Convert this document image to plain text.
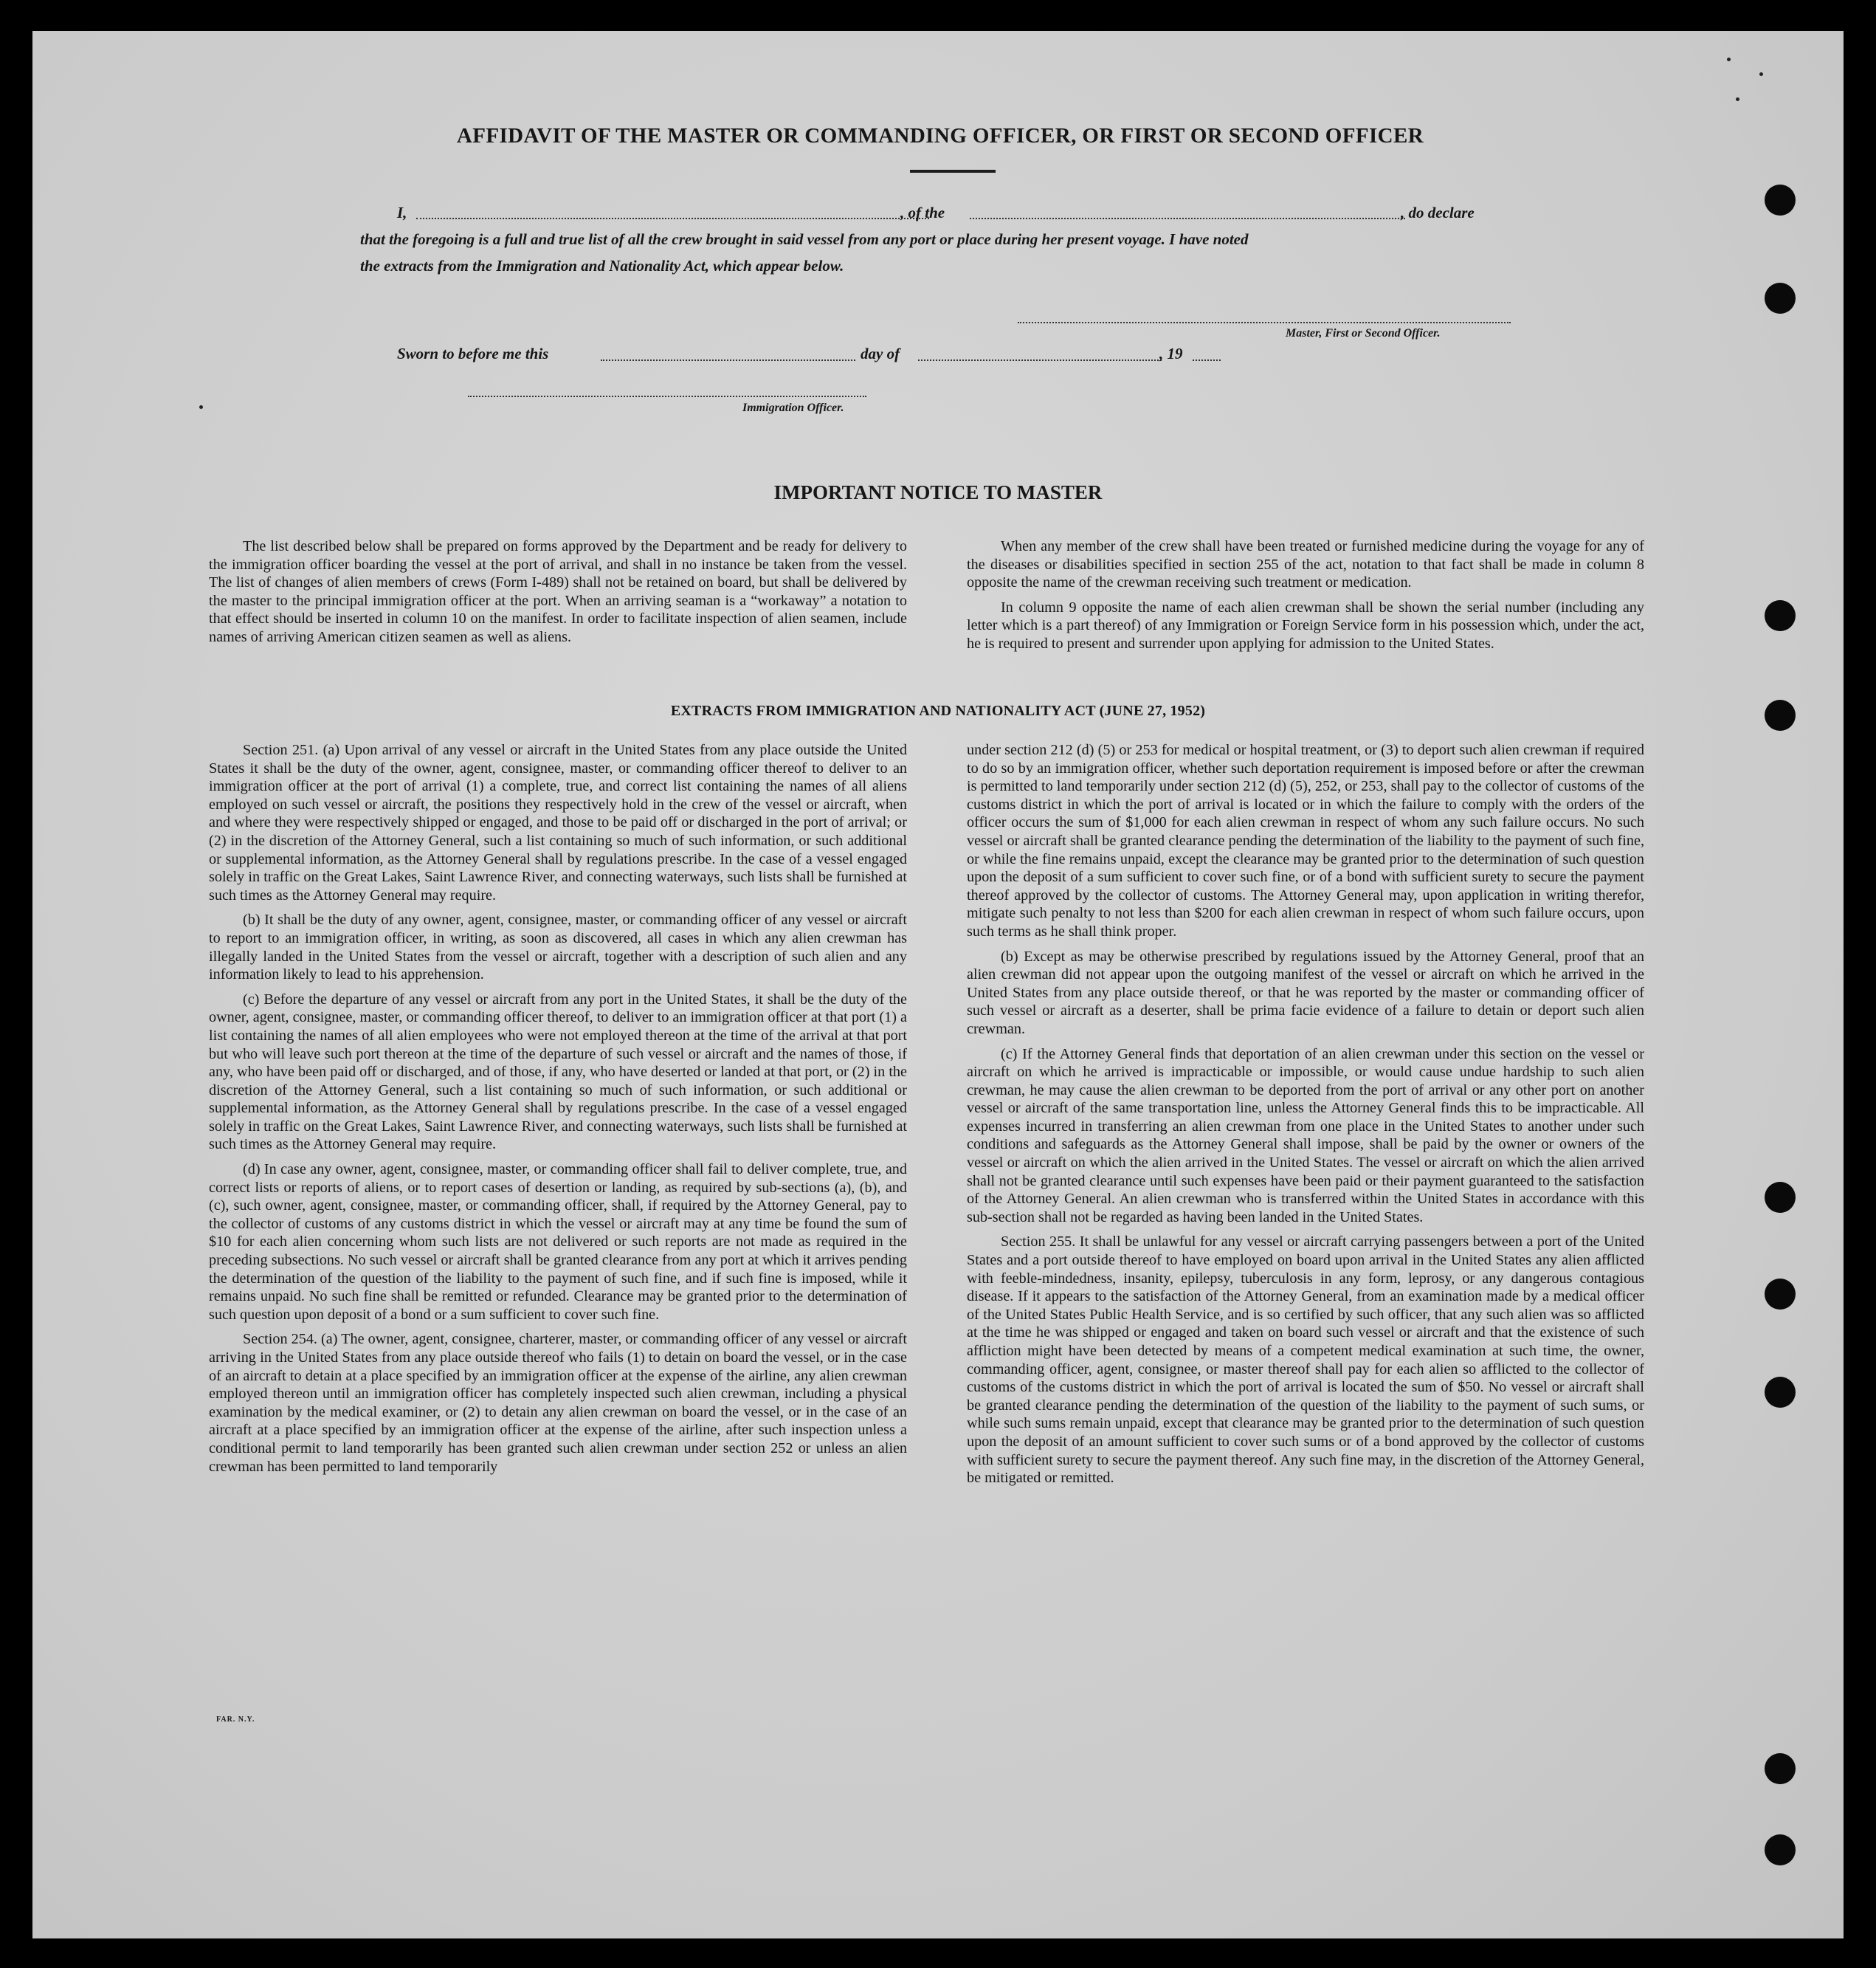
AFFIDAVIT OF THE MASTER OR COMMANDING OFFICER, OR FIRST OR SECOND OFFICER
I,	, of the	, do declare
that the foregoing is a full and true list of all the crew brought in said vessel from any port or place during her present voyage. I have noted
the extracts from the Immigration and Nationality Act, which appear below.
Master, First or Second Officer.
Sworn to before me this	day of	, 19
Immigration Officer.
IMPORTANT NOTICE TO MASTER

The list described below shall be prepared on forms approved by the Department and be ready for delivery to the immigration officer boarding the vessel at the port of arrival, and shall in no instance be taken from the vessel. The list of changes of alien members of crews (Form I-489) shall not be retained on board, but shall be delivered by the master to the principal immigration officer at the port. When an arriving seaman is a “workaway” a notation to that effect should be inserted in column 10 on the manifest. In order to facilitate inspection of alien seamen, include names of arriving American citizen seamen as well as aliens.

When any member of the crew shall have been treated or furnished medicine during the voyage for any of the diseases or disabilities specified in section 255 of the act, notation to that fact shall be made in column 8 opposite the name of the crewman receiving such treatment or medication.

In column 9 opposite the name of each alien crewman shall be shown the serial number (including any letter which is a part thereof) of any Immigration or Foreign Service form in his possession which, under the act, he is required to present and surrender upon applying for admission to the United States.

EXTRACTS FROM IMMIGRATION AND NATIONALITY ACT (JUNE 27, 1952)

Section 251. (a) Upon arrival of any vessel or aircraft in the United States from any place outside the United States it shall be the duty of the owner, agent, consignee, master, or commanding officer thereof to deliver to an immigration officer at the port of arrival (1) a complete, true, and correct list containing the names of all aliens employed on such vessel or aircraft, the positions they respectively hold in the crew of the vessel or aircraft, when and where they were respectively shipped or engaged, and those to be paid off or discharged in the port of arrival; or (2) in the discretion of the Attorney General, such a list containing so much of such information, or such additional or supplemental information, as the Attorney General shall by regulations prescribe. In the case of a vessel engaged solely in traffic on the Great Lakes, Saint Lawrence River, and connecting waterways, such lists shall be furnished at such times as the Attorney General may require.

(b) It shall be the duty of any owner, agent, consignee, master, or commanding officer of any vessel or aircraft to report to an immigration officer, in writing, as soon as discovered, all cases in which any alien crewman has illegally landed in the United States from the vessel or aircraft, together with a description of such alien and any information likely to lead to his apprehension.

(c) Before the departure of any vessel or aircraft from any port in the United States, it shall be the duty of the owner, agent, consignee, master, or commanding officer thereof, to deliver to an immigration officer at that port (1) a list containing the names of all alien employees who were not employed thereon at the time of the arrival at that port but who will leave such port thereon at the time of the departure of such vessel or aircraft and the names of those, if any, who have been paid off or discharged, and of those, if any, who have deserted or landed at that port, or (2) in the discretion of the Attorney General, such a list containing so much of such information, or such additional or supplemental information, as the Attorney General shall by regulations prescribe. In the case of a vessel engaged solely in traffic on the Great Lakes, Saint Lawrence River, and connecting waterways, such lists shall be furnished at such times as the Attorney General may require.

(d) In case any owner, agent, consignee, master, or commanding officer shall fail to deliver complete, true, and correct lists or reports of aliens, or to report cases of desertion or landing, as required by sub-sections (a), (b), and (c), such owner, agent, consignee, master, or commanding officer, shall, if required by the Attorney General, pay to the collector of customs of any customs district in which the vessel or aircraft may at any time be found the sum of $10 for each alien concerning whom such lists are not delivered or such reports are not made as required in the preceding subsections. No such vessel or aircraft shall be granted clearance from any port at which it arrives pending the determination of the question of the liability to the payment of such fine, and if such fine is imposed, while it remains unpaid. No such fine shall be remitted or refunded. Clearance may be granted prior to the determination of such question upon deposit of a bond or a sum sufficient to cover such fine.

Section 254. (a) The owner, agent, consignee, charterer, master, or commanding officer of any vessel or aircraft arriving in the United States from any place outside thereof who fails (1) to detain on board the vessel, or in the case of an aircraft to detain at a place specified by an immigration officer at the expense of the airline, any alien crewman employed thereon until an immigration officer has completely inspected such alien crewman, including a physical examination by the medical examiner, or (2) to detain any alien crewman on board the vessel, or in the case of an aircraft at a place specified by an immigration officer at the expense of the airline, after such inspection unless a conditional permit to land temporarily has been granted such alien crewman under section 252 or unless an alien crewman has been permitted to land temporarily

under section 212 (d) (5) or 253 for medical or hospital treatment, or (3) to deport such alien crewman if required to do so by an immigration officer, whether such deportation requirement is imposed before or after the crewman is permitted to land temporarily under section 212 (d) (5), 252, or 253, shall pay to the collector of customs of the customs district in which the port of arrival is located or in which the failure to comply with the orders of the officer occurs the sum of $1,000 for each alien crewman in respect of whom any such failure occurs. No such vessel or aircraft shall be granted clearance pending the determination of the liability to the payment of such fine, or while the fine remains unpaid, except the clearance may be granted prior to the determination of such question upon the deposit of a sum sufficient to cover such fine, or of a bond with sufficient surety to secure the payment thereof approved by the collector of customs. The Attorney General may, upon application in writing therefor, mitigate such penalty to not less than $200 for each alien crewman in respect of whom such failure occurs, upon such terms as he shall think proper.

(b) Except as may be otherwise prescribed by regulations issued by the Attorney General, proof that an alien crewman did not appear upon the outgoing manifest of the vessel or aircraft on which he arrived in the United States from any place outside thereof, or that he was reported by the master or commanding officer of such vessel or aircraft as a deserter, shall be prima facie evidence of a failure to detain or deport such alien crewman.

(c) If the Attorney General finds that deportation of an alien crewman under this section on the vessel or aircraft on which he arrived is impracticable or impossible, or would cause undue hardship to such alien crewman, he may cause the alien crewman to be deported from the port of arrival or any other port on another vessel or aircraft of the same transportation line, unless the Attorney General finds this to be impracticable. All expenses incurred in transferring an alien crewman from one place in the United States to another under such conditions and safeguards as the Attorney General shall impose, shall be paid by the owner or owners of the vessel or aircraft on which the alien arrived in the United States. The vessel or aircraft on which the alien arrived shall not be granted clearance until such expenses have been paid or their payment guaranteed to the satisfaction of the Attorney General. An alien crewman who is transferred within the United States in accordance with this sub-section shall not be regarded as having been landed in the United States.

Section 255. It shall be unlawful for any vessel or aircraft carrying passengers between a port of the United States and a port outside thereof to have employed on board upon arrival in the United States any alien afflicted with feeble-mindedness, insanity, epilepsy, tuberculosis in any form, leprosy, or any dangerous contagious disease. If it appears to the satisfaction of the Attorney General, from an examination made by a medical officer of the United States Public Health Service, and is so certified by such officer, that any such alien was so afflicted at the time he was shipped or engaged and taken on board such vessel or aircraft and that the existence of such affliction might have been detected by means of a competent medical examination at such time, the owner, commanding officer, agent, consignee, or master thereof shall pay for each alien so afflicted to the collector of customs of the customs district in which the port of arrival is located the sum of $50. No vessel or aircraft shall be granted clearance pending the determination of the question of the liability to the payment of such sums, or while such sums remain unpaid, except that clearance may be granted prior to the determination of such question upon the deposit of an amount sufficient to cover such sums or of a bond approved by the collector of customs with sufficient surety to secure the payment thereof. Any such fine may, in the discretion of the Attorney General, be mitigated or remitted.

FAR. N.Y.
